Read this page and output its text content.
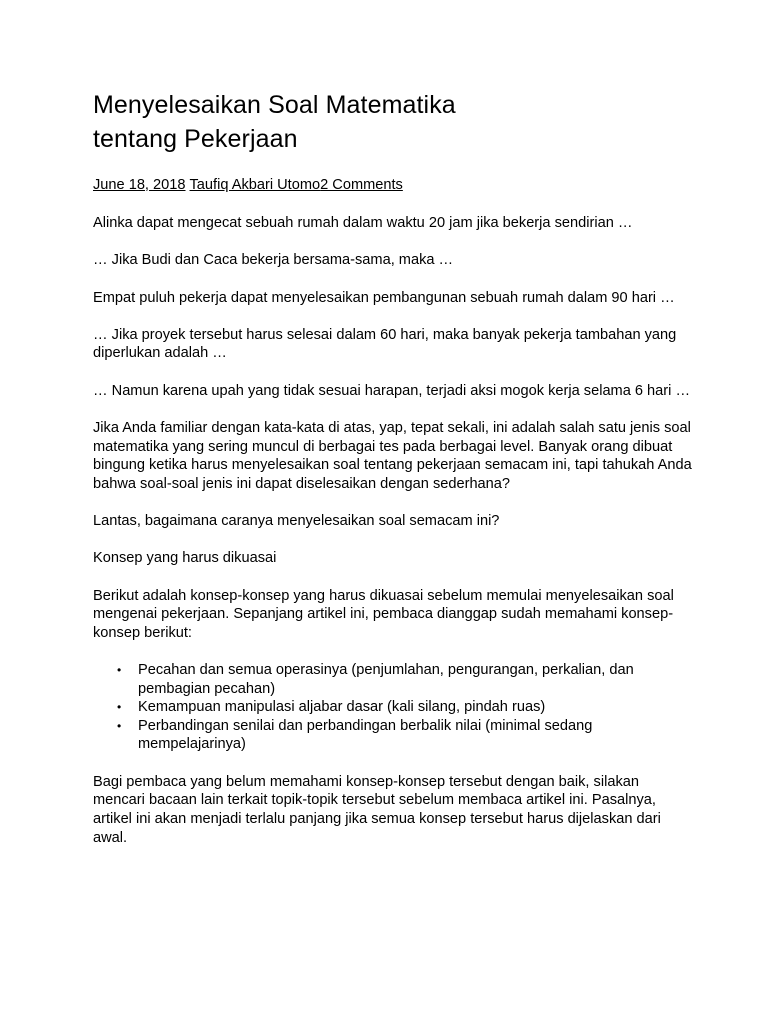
Menyelesaikan Soal Matematika
tentang Pekerjaan
June 18, 2018 Taufiq Akbari Utomo2 Comments

Alinka dapat mengecat sebuah rumah dalam waktu 20 jam jika bekerja sendirian …

… Jika Budi dan Caca bekerja bersama-sama, maka …

Empat puluh pekerja dapat menyelesaikan pembangunan sebuah rumah dalam 90 hari …

… Jika proyek tersebut harus selesai dalam 60 hari, maka banyak pekerja tambahan yang diperlukan adalah …

… Namun karena upah yang tidak sesuai harapan, terjadi aksi mogok kerja selama 6 hari …

Jika Anda familiar dengan kata-kata di atas, yap, tepat sekali, ini adalah salah satu jenis soal matematika yang sering muncul di berbagai tes pada berbagai level. Banyak orang dibuat bingung ketika harus menyelesaikan soal tentang pekerjaan semacam ini, tapi tahukah Anda bahwa soal-soal jenis ini dapat diselesaikan dengan sederhana?

Lantas, bagaimana caranya menyelesaikan soal semacam ini?

Konsep yang harus dikuasai

Berikut adalah konsep-konsep yang harus dikuasai sebelum memulai menyelesaikan soal mengenai pekerjaan. Sepanjang artikel ini, pembaca dianggap sudah memahami konsep-konsep berikut:

• Pecahan dan semua operasinya (penjumlahan, pengurangan, perkalian, dan pembagian pecahan)
• Kemampuan manipulasi aljabar dasar (kali silang, pindah ruas)
• Perbandingan senilai dan perbandingan berbalik nilai (minimal sedang mempelajarinya)

Bagi pembaca yang belum memahami konsep-konsep tersebut dengan baik, silakan mencari bacaan lain terkait topik-topik tersebut sebelum membaca artikel ini. Pasalnya, artikel ini akan menjadi terlalu panjang jika semua konsep tersebut harus dijelaskan dari awal.
